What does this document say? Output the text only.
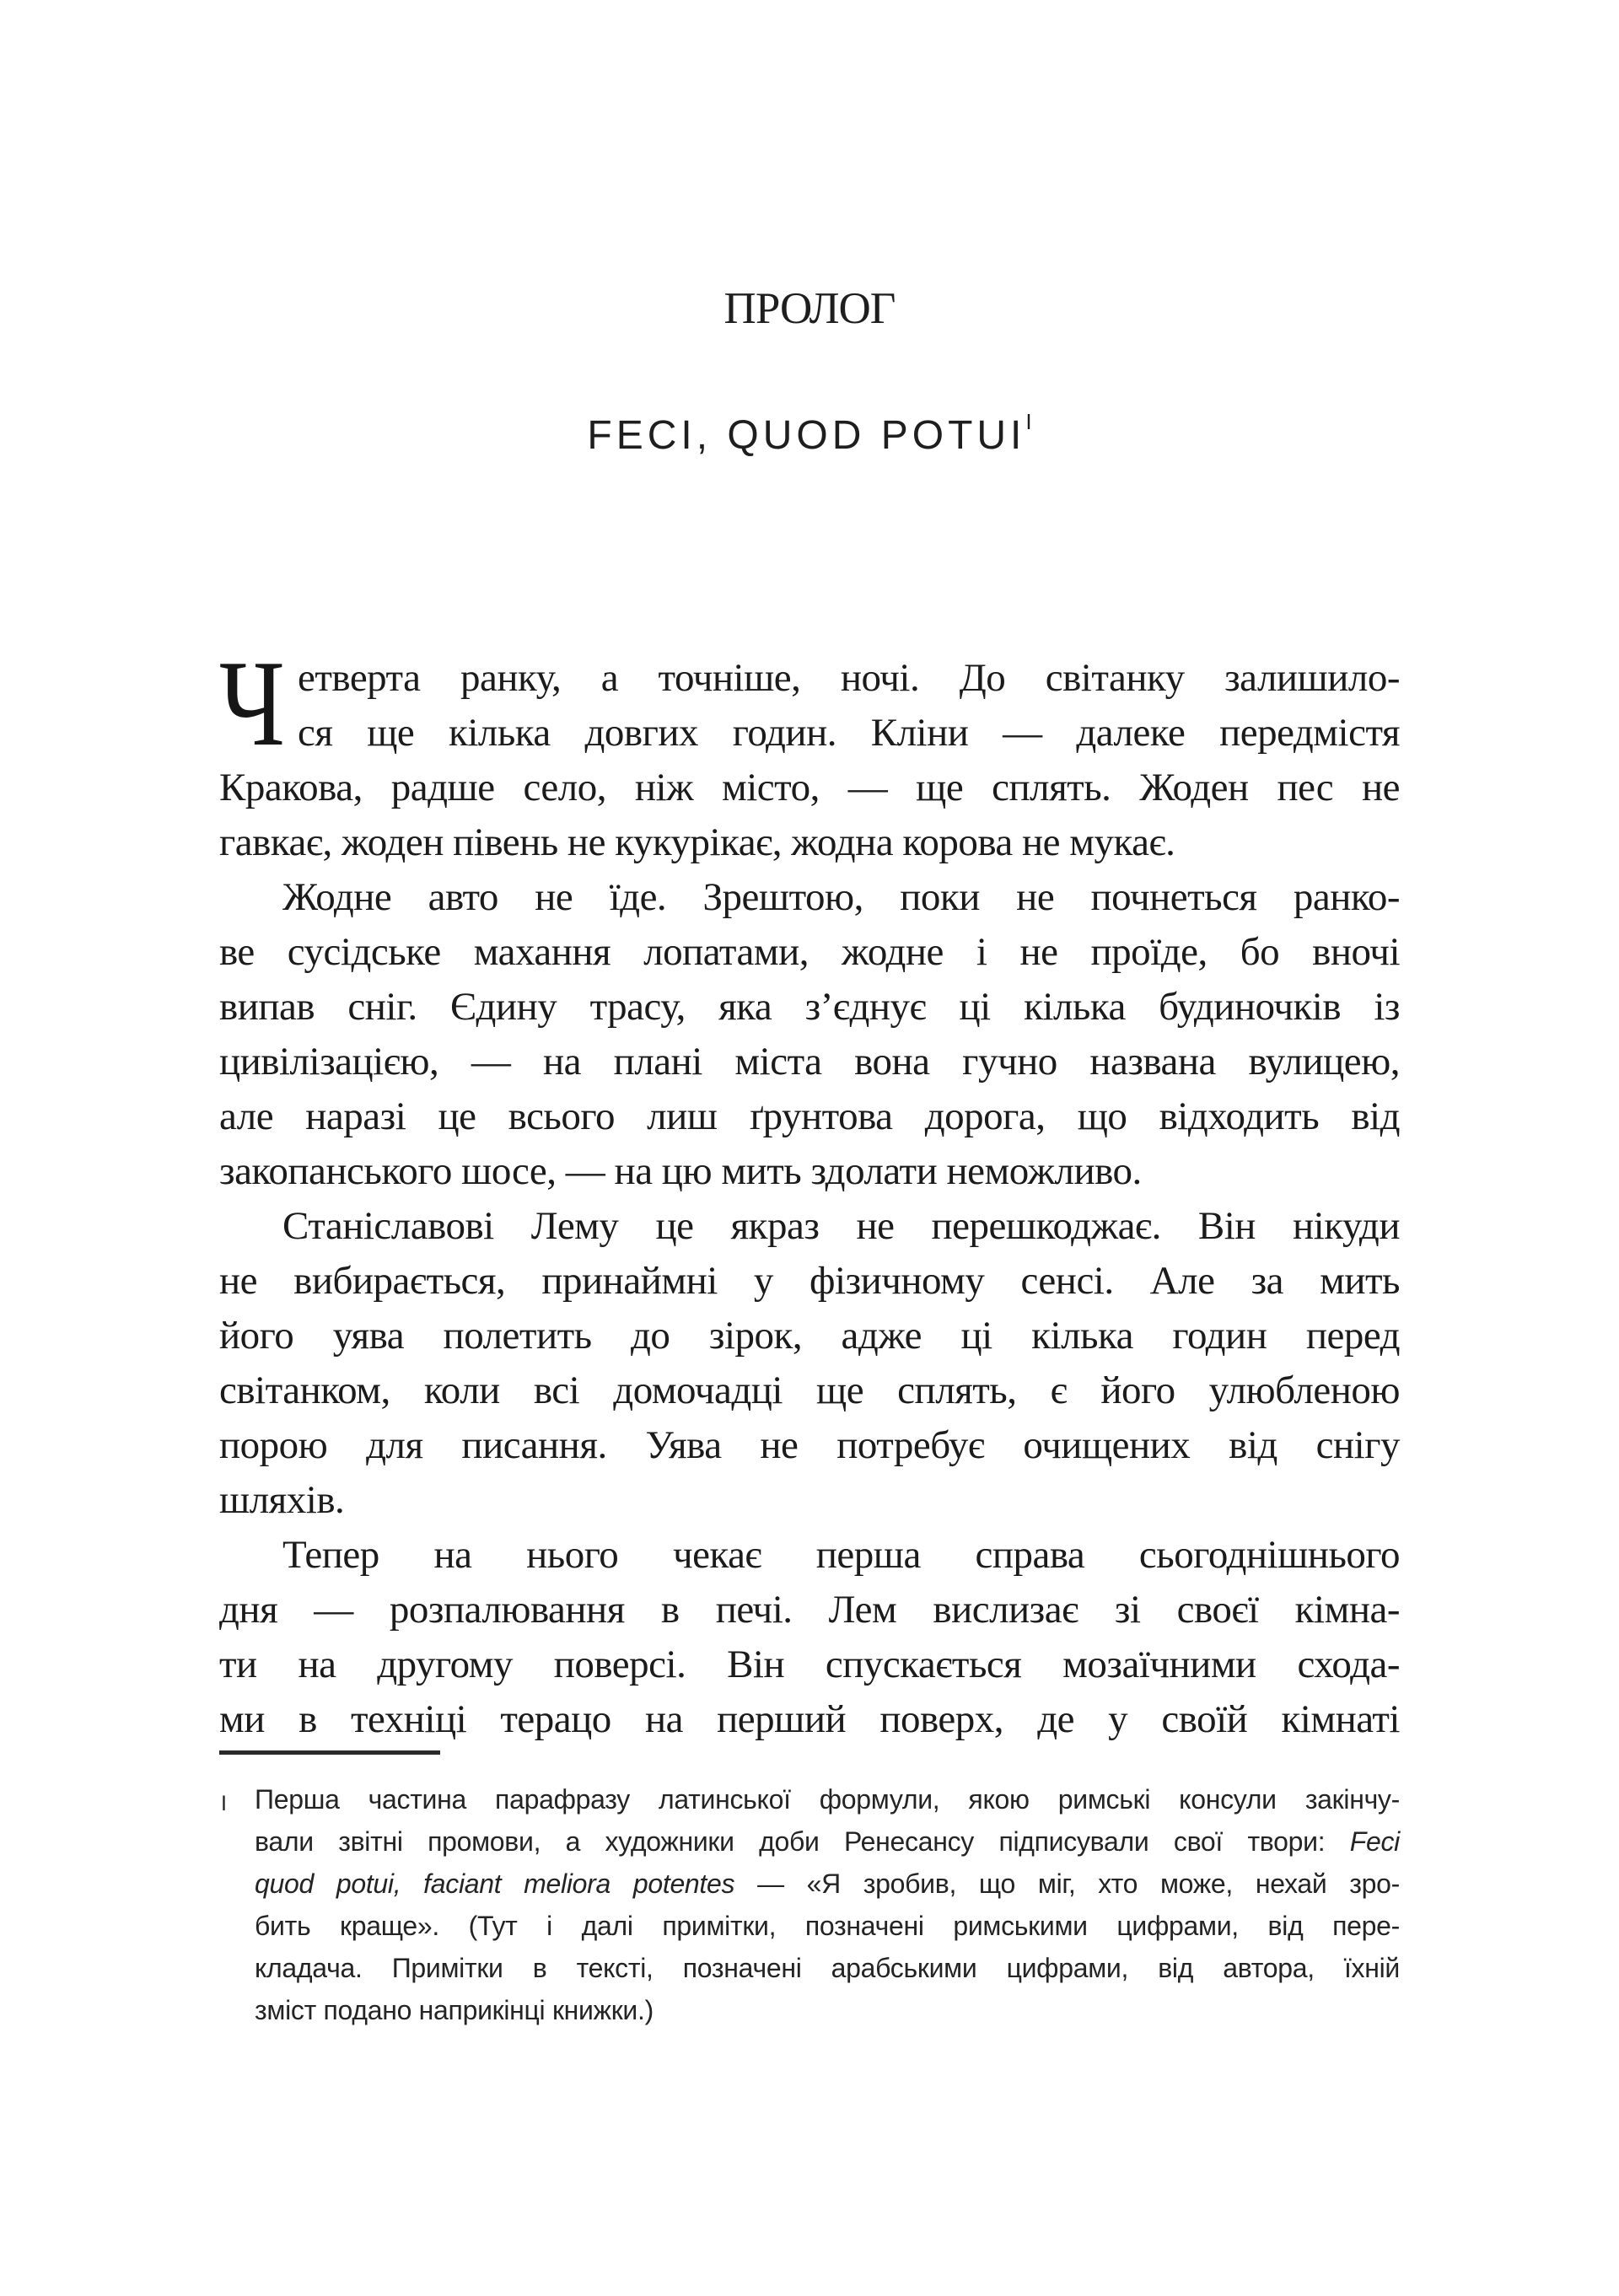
ПРОЛОГ
FECI, QUOD POTUI$^I$
Ч етверта ранку, а точніше, ночі. До світанку залишило-
ся ще кілька довгих годин. Кліни — далеке передмістя
Кракова, радше село, ніж місто, — ще сплять. Жоден пес не
гавкає, жоден півень не кукурікає, жодна корова не мукає.
Жодне авто не їде. Зрештою, поки не почнеться ранко-
ве сусідське махання лопатами, жодне і не проїде, бо вночі
випав сніг. Єдину трасу, яка з’єднує ці кілька будиночків із
цивілізацією, — на плані міста вона гучно названа вулицею,
але наразі це всього лиш ґрунтова дорога, що відходить від
закопанського шосе, — на цю мить здолати неможливо.
Станіславові Лему це якраз не перешкоджає. Він нікуди
не вибирається, принаймні у фізичному сенсі. Але за мить
його уява полетить до зірок, адже ці кілька годин перед
світанком, коли всі домочадці ще сплять, є його улюбленою
порою для писання. Уява не потребує очищених від снігу
шляхів.
Тепер на нього чекає перша справа сьогоднішнього
дня — розпалювання в печі. Лем вислизає зі своєї кімна-
ти на другому поверсі. Він спускається мозаїчними схода-
ми в техніці терацо на перший поверх, де у своїй кімнаті
І Перша частина парафразу латинської формули, якою римські консули закінчу-
вали звітні промови, а художники доби Ренесансу підписували свої твори: Feci
quod potui, faciant meliora potentes — «Я зробив, що міг, хто може, нехай зро-
бить краще». (Тут і далі примітки, позначені римськими цифрами, від пере-
кладача. Примітки в тексті, позначені арабськими цифрами, від автора, їхній
зміст подано наприкінці книжки.)
